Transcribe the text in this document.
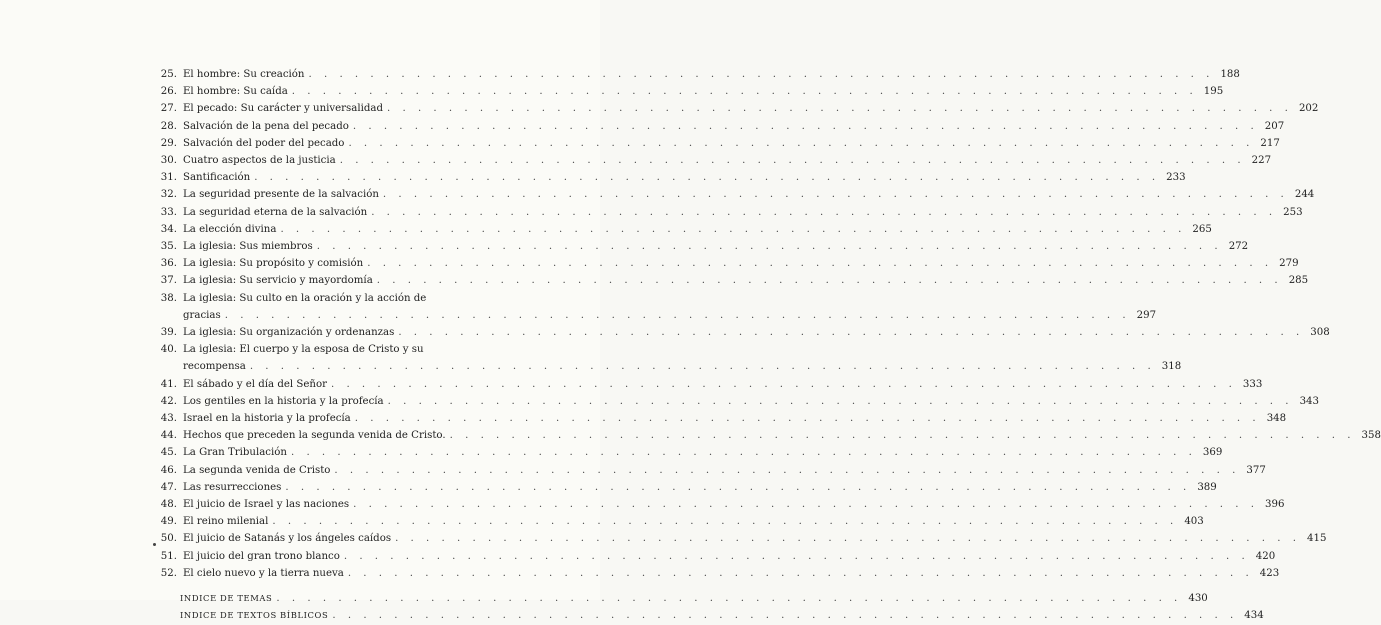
25. El hombre: Su creación . . .	188
26. El hombre: Su caída . . .	195
27. El pecado: Su carácter y universalidad . . .	202
28. Salvación de la pena del pecado . . .	207
29. Salvación del poder del pecado . . .	217
30. Cuatro aspectos de la justicia . . .	227
31. Santificación . . .	233
32. La seguridad presente de la salvación . . .	244
33. La seguridad eterna de la salvación . . .	253
34. La elección divina . . .	265
35. La iglesia: Sus miembros . . .	272
36. La iglesia: Su propósito y comisión . . .	279
37. La iglesia: Su servicio y mayordomía . . .	285
38. La iglesia: Su culto en la oración y la acción de
gracias . . .	297
39. La iglesia: Su organización y ordenanzas . . .	308
40. La iglesia: El cuerpo y la esposa de Cristo y su
recompensa . . .	318
41. El sábado y el día del Señor . . .	333
42. Los gentiles en la historia y la profecía . . .	343
43. Israel en la historia y la profecía . . .	348
44. Hechos que preceden la segunda venida de Cristo. . . .	358
45. La Gran Tribulación . . .	369
46. La segunda venida de Cristo . . .	377
47. Las resurrecciones . . .	389
48. El juicio de Israel y las naciones . . .	396
49. El reino milenial . . .	403
50. El juicio de Satanás y los ángeles caídos . . .	415
51. El juicio del gran trono blanco . . .	420
52. El cielo nuevo y la tierra nueva . . .	423
INDICE DE TEMAS . . .	430
INDICE DE TEXTOS BÍBLICOS . . .	434
